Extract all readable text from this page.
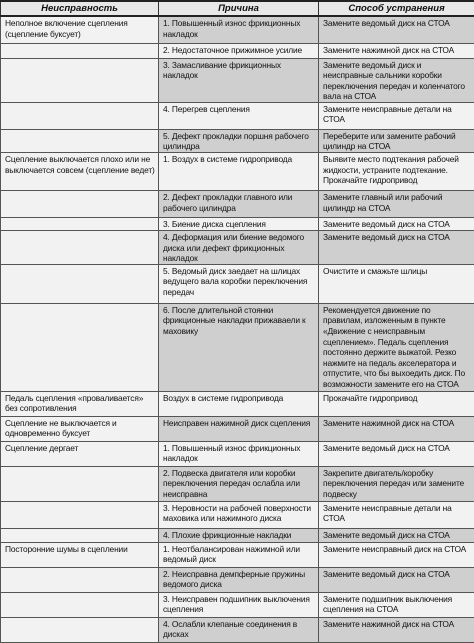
Неисправность	Причина	Способ устранения
Неполное включение сцепления (сцепление буксует)	1. Повышенный износ фрикционных накладок	Замените ведомый диск на СТОА
	2. Недостаточное прижимное усилие	Замените нажимной диск на СТОА
	3. Замасливание фрикционных накладок	Замените ведомый диск и неисправные сальники коробки переключения передач и коленчатого вала на СТОА
	4. Перегрев сцепления	Замените неисправные детали на СТОА
	5. Дефект прокладки поршня рабочего цилиндра	Переберите или замените рабочий цилиндр на СТОА
Сцепление выключается плохо или не выключается совсем (сцепление ведет)	1. Воздух в системе гидропривода	Выявите место подтекания рабочей жидкости, устраните подтекание. Прокачайте гидропривод
	2. Дефект прокладки главного или рабочего цилиндра	Замените главный или рабочий цилиндр на СТОА
	3. Биение диска сцепления	Замените ведомый диск на СТОА
	4. Деформация или биение ведомого диска или дефект фрикционных накладок	Замените ведомый диск на СТОА
	5. Ведомый диск заедает на шлицах ведущего вала коробки переключения передач	Очистите и смажьте шлицы
	6. После длительной стоянки фрикционные накладки прижаваели к маховику	Рекомендуется движение по правилам, изложенным в пункте «Движение с неисправным сцеплением». Педаль сцепления постоянно держите выжатой. Резко нажмите на педаль акселератора и отпустите, что бы выхоедить диск. По возможности замените его на СТОА
Педаль сцепления «проваливается» без сопротивления	Воздух в системе гидропривода	Прокачайте гидропривод
Сцепление не выключается и одновременно буксует	Неисправен нажимной диск сцепления	Замените нажимной диск на СТОА
Сцепление дергает	1. Повышенный износ фрикционных накладок	Замените ведомый диск на СТОА
	2. Подвеска двигателя или коробки переключения передач ослабла или неисправна	Закрепите двигатель/коробку переключения передач или замените подвеску
	3. Неровности на рабочей поверхности маховика или нажимного диска	Замените неисправные детали на СТОА
	4. Плохие фрикционные накладки	Замените ведомый диск на СТОА
Посторонние шумы в сцеплении	1. Неотбалансирован нажимной или ведомый диск	Замените неисправный диск на СТОА
	2. Неисправна демпферные пружины ведомого диска	Замените ведомый диск на СТОА
	3. Неисправен подшипник выключения сцепления	Замените подшипник выключения сцепления на СТОА
	4. Ослабли клепаные соединения в дисках	Замените нажимной диск на СТОА
